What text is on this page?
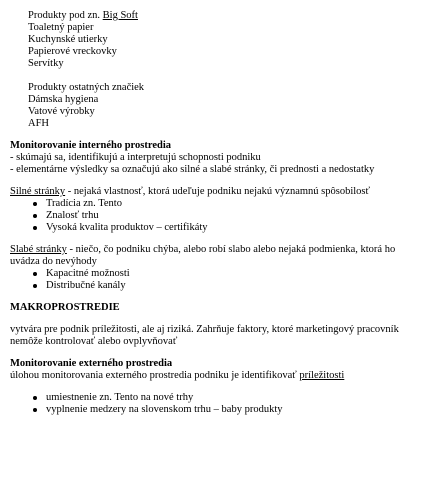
Produkty pod zn. Big Soft
Toaletný papier
Kuchynské utierky
Papierové vreckovky
Servítky
Produkty ostatných značiek
Dámska hygiena
Vatové výrobky
AFH
Monitorovanie interného prostredia
- skúmajú sa, identifikujú a interpretujú schopnosti podniku
- elementárne výsledky sa označujú ako silné a slabé stránky, či prednosti a nedostatky
Silné stránky - nejaká vlastnosť, ktorá udeľuje podniku nejakú významnú spôsobilosť
Tradícia zn. Tento
Znalosť trhu
Vysoká kvalita produktov – certifikáty
Slabé stránky - niečo, čo podniku chýba, alebo robí slabo alebo nejaká podmienka, ktorá ho
uvádza do nevýhody
Kapacitné možnosti
Distribučné kanály
MAKROPROSTREDIE
vytvára pre podnik príležitosti, ale aj riziká. Zahrňuje faktory, ktoré marketingový pracovník
nemôže kontrolovať alebo ovplyvňovať
Monitorovanie externého prostredia
úlohou monitorovania externého prostredia podniku je identifikovať príležitosti
umiestnenie zn. Tento na nové trhy
vyplnenie medzery na slovenskom trhu – baby produkty
